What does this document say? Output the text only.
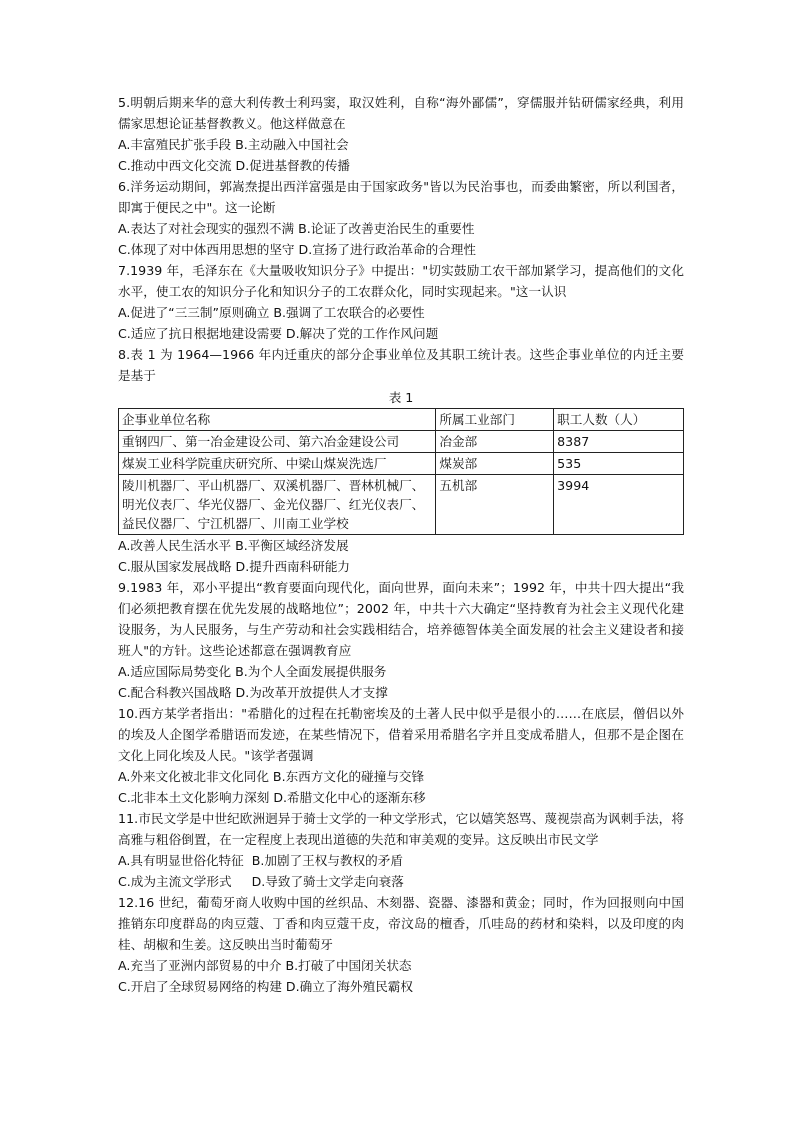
5.明朝后期来华的意大利传教士利玛窦，取汉姓利，自称“海外鄙儒”，穿儒服并钻研儒家经典，利用儒家思想论证基督教教义。他这样做意在
A.丰富殖民扩张手段 B.主动融入中国社会
C.推动中西文化交流 D.促进基督教的传播
6.洋务运动期间，郭嵩焘提出西洋富强是由于国家政务"皆以为民治事也，而委曲繁密，所以利国者，即寓于便民之中"。这一论断
A.表达了对社会现实的强烈不满 B.论证了改善吏治民生的重要性
C.体现了对中体西用思想的坚守 D.宣扬了进行政治革命的合理性
7.1939 年，毛泽东在《大量吸收知识分子》中提出："切实鼓励工农干部加紧学习，提高他们的文化水平，使工农的知识分子化和知识分子的工农群众化，同时实现起来。"这一认识
A.促进了“三三制”原则确立 B.强调了工农联合的必要性
C.适应了抗日根据地建设需要 D.解决了党的工作作风问题
8.表 1 为 1964—1966 年内迁重庆的部分企事业单位及其职工统计表。这些企事业单位的内迁主要是基于
表 1
企事业单位名称	所属工业部门	职工人数（人）
重钢四厂、第一冶金建设公司、第六冶金建设公司	冶金部	8387
煤炭工业科学院重庆研究所、中梁山煤炭洗选厂	煤炭部	535
陵川机器厂、平山机器厂、双溪机器厂、晋林机械厂、明光仪表厂、华光仪器厂、金光仪器厂、红光仪表厂、益民仪器厂、宁江机器厂、川南工业学校	五机部	3994
A.改善人民生活水平 B.平衡区域经济发展
C.服从国家发展战略 D.提升西南科研能力
9.1983 年，邓小平提出“教育要面向现代化，面向世界，面向未来”；1992 年，中共十四大提出“我们必须把教育摆在优先发展的战略地位”；2002 年，中共十六大确定“坚持教育为社会主义现代化建设服务，为人民服务，与生产劳动和社会实践相结合，培养德智体美全面发展的社会主义建设者和接班人"的方针。这些论述都意在强调教育应
A.适应国际局势变化 B.为个人全面发展提供服务
C.配合科教兴国战略 D.为改革开放提供人才支撑
10.西方某学者指出："希腊化的过程在托勒密埃及的土著人民中似乎是很小的……在底层，僧侣以外的埃及人企图学希腊语而发迹，在某些情况下，借着采用希腊名字并且变成希腊人，但那不是企图在文化上同化埃及人民。"该学者强调
A.外来文化被北非文化同化 B.东西方文化的碰撞与交锋
C.北非本土文化影响力深刻 D.希腊文化中心的逐渐东移
11.市民文学是中世纪欧洲迥异于骑士文学的一种文学形式，它以嬉笑怒骂、蔑视崇高为讽刺手法，将高雅与粗俗倒置，在一定程度上表现出道德的失范和审美观的变异。这反映出市民文学
A.具有明显世俗化特征  B.加剧了王权与教权的矛盾
C.成为主流文学形式     D.导致了骑士文学走向衰落
12.16 世纪，葡萄牙商人收购中国的丝织品、木刻器、瓷器、漆器和黄金；同时，作为回报则向中国推销东印度群岛的肉豆蔻、丁香和肉豆蔻干皮，帝汶岛的檀香，爪哇岛的药材和染料，以及印度的肉桂、胡椒和生姜。这反映出当时葡萄牙
A.充当了亚洲内部贸易的中介 B.打破了中国闭关状态
C.开启了全球贸易网络的构建 D.确立了海外殖民霸权
